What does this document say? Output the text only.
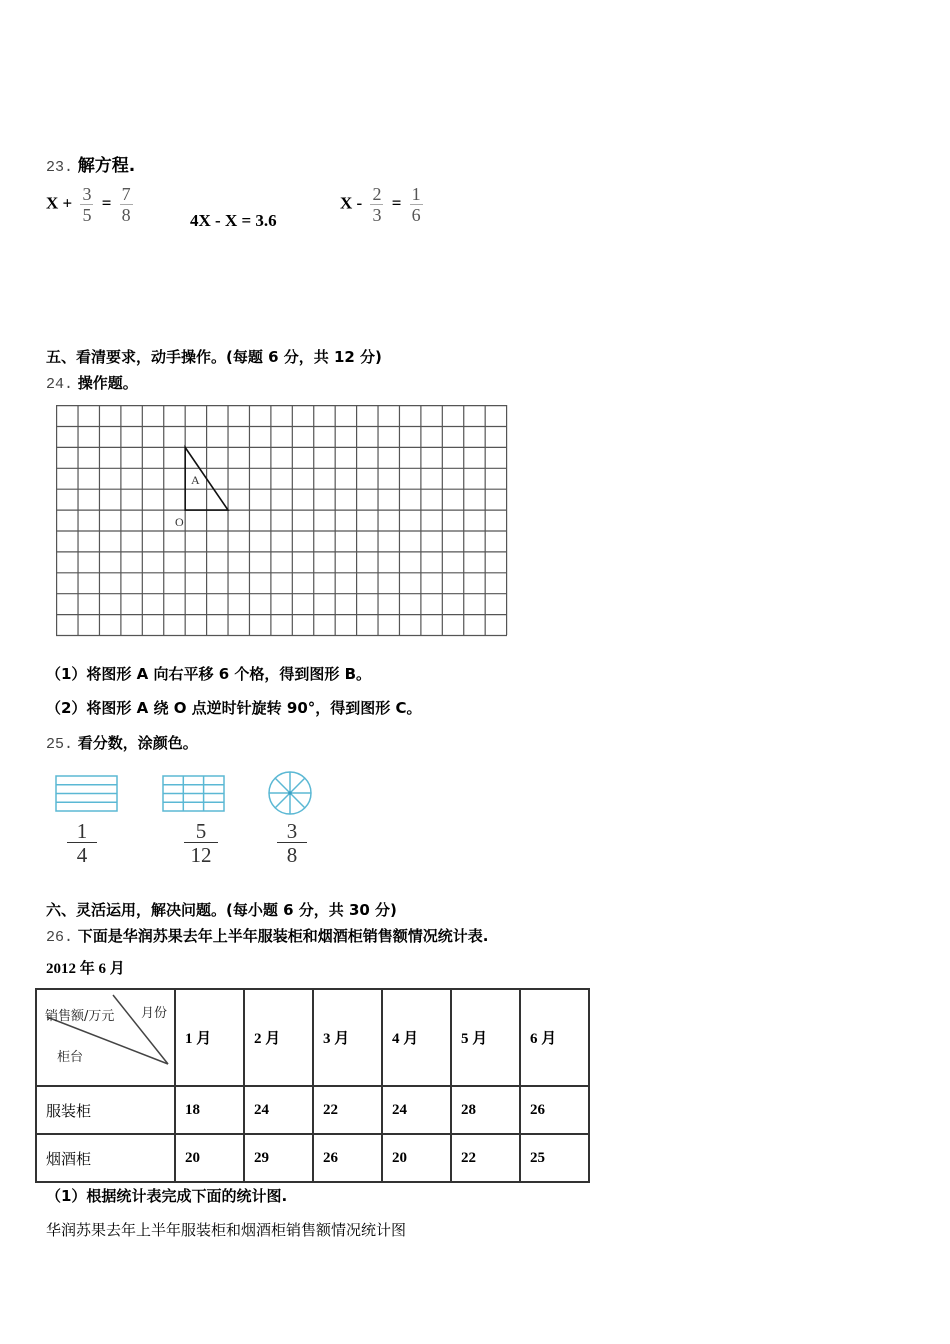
23. 解方程.
$X + \frac{3}{5} = \frac{7}{8}$	4X - X = 3.6
$X - \frac{2}{3} = \frac{1}{6}$
五、看清要求，动手操作。(每题 6 分，共 12 分)
24. 操作题。
A
O
（1）将图形 A 向右平移 6 个格，得到图形 B。
（2）将图形 A 绕 O 点逆时针旋转 90°，得到图形 C。
25. 看分数，涂颜色。
$\frac{1}{4}$	$\frac{5}{12}$	$\frac{3}{8}$
六、灵活运用，解决问题。(每小题 6 分，共 30 分)
26. 下面是华润苏果去年上半年服装柜和烟酒柜销售额情况统计表.
2012 年 6 月
销售额/万元 月份
柜台	1 月	2 月	3 月	4 月	5 月	6 月
服装柜	18	24	22	24	28	26
烟酒柜	20	29	26	20	22	25
（1）根据统计表完成下面的统计图.
华润苏果去年上半年服装柜和烟酒柜销售额情况统计图
